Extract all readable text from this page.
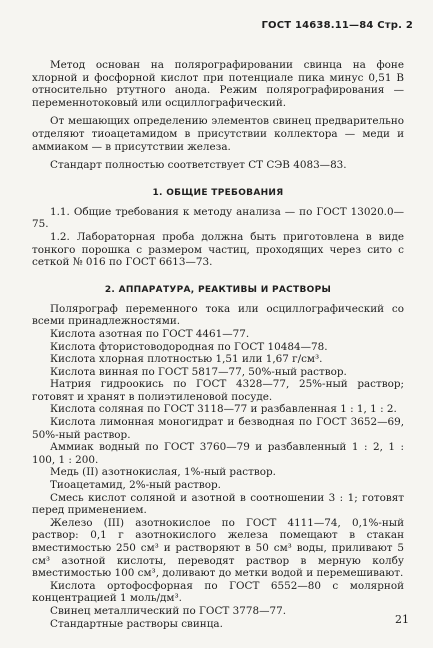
ГОСТ 14638.11—84 Стр. 2

Метод основан на полярографировании свинца на фоне хлорной и фосфорной кислот при потенциале пика минус 0,51 В относительно ртутного анода. Режим полярографирования — переменнотоковый или осциллографический.

От мешающих определению элементов свинец предварительно отделяют тиоацетамидом в присутствии коллектора — меди и аммиаком — в присутствии железа.

Стандарт полностью соответствует СТ СЭВ 4083—83.

1. ОБЩИЕ ТРЕБОВАНИЯ

1.1. Общие требования к методу анализа — по ГОСТ 13020.0—75.

1.2. Лабораторная проба должна быть приготовлена в виде тонкого порошка с размером частиц, проходящих через сито с сеткой № 016 по ГОСТ 6613—73.

2. АППАРАТУРА, РЕАКТИВЫ И РАСТВОРЫ

Полярограф переменного тока или осциллографический со всеми принадлежностями.

Кислота азотная по ГОСТ 4461—77.

Кислота фтористоводородная по ГОСТ 10484—78.

Кислота хлорная плотностью 1,51 или 1,67 г/см³.

Кислота винная по ГОСТ 5817—77, 50%-ный раствор.

Натрия гидроокись по ГОСТ 4328—77, 25%-ный раствор; готовят и хранят в полиэтиленовой посуде.

Кислота соляная по ГОСТ 3118—77 и разбавленная 1 : 1, 1 : 2.

Кислота лимонная моногидрат и безводная по ГОСТ 3652—69, 50%-ный раствор.

Аммиак водный по ГОСТ 3760—79 и разбавленный 1 : 2, 1 : 100, 1 : 200.

Медь (II) азотнокислая, 1%-ный раствор.

Тиоацетамид, 2%-ный раствор.

Смесь кислот соляной и азотной в соотношении 3 : 1; готовят перед применением.

Железо (III) азотнокислое по ГОСТ 4111—74, 0,1%-ный раствор: 0,1 г азотнокислого железа помещают в стакан вместимостью 250 см³ и растворяют в 50 см³ воды, приливают 5 см³ азотной кислоты, переводят раствор в мерную колбу вместимостью 100 см³, доливают до метки водой и перемешивают.

Кислота ортофосфорная по ГОСТ 6552—80 с молярной концентрацией 1 моль/дм³.

Свинец металлический по ГОСТ 3778—77.

Стандартные растворы свинца.	21
